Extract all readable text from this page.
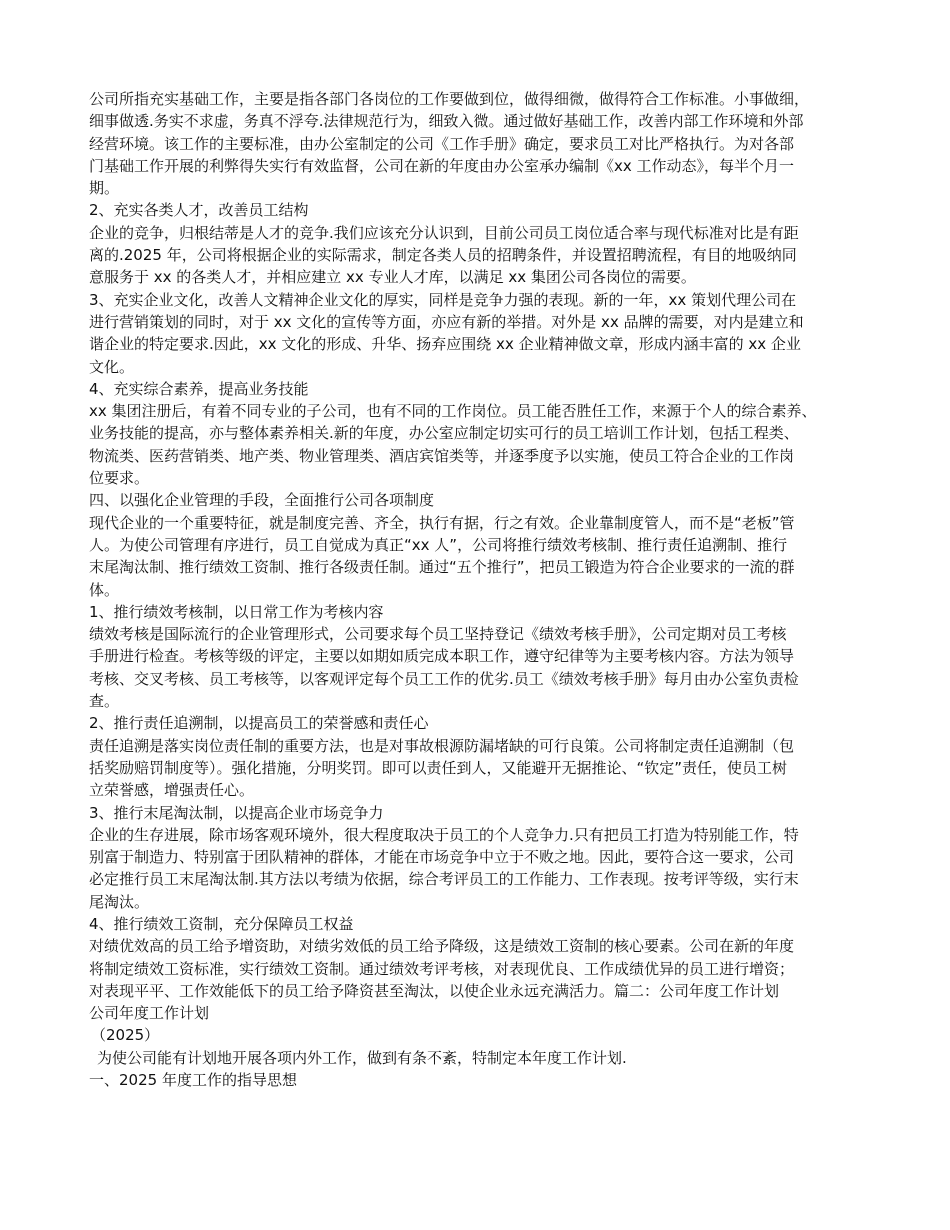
公司所指充实基础工作，主要是指各部门各岗位的工作要做到位，做得细微，做得符合工作标准。小事做细，
细事做透.务实不求虚，务真不浮夸.法律规范行为，细致入微。通过做好基础工作，改善内部工作环境和外部
经营环境。该工作的主要标准，由办公室制定的公司《工作手册》确定，要求员工对比严格执行。为对各部
门基础工作开展的利弊得失实行有效监督，公司在新的年度由办公室承办编制《xx 工作动态》，每半个月一
期。
2、充实各类人才，改善员工结构
企业的竞争，归根结蒂是人才的竞争.我们应该充分认识到，目前公司员工岗位适合率与现代标准对比是有距
离的.2025 年，公司将根据企业的实际需求，制定各类人员的招聘条件，并设置招聘流程，有目的地吸纳同
意服务于 xx 的各类人才，并相应建立 xx 专业人才库，以满足 xx 集团公司各岗位的需要。
3、充实企业文化，改善人文精神企业文化的厚实，同样是竞争力强的表现。新的一年，xx 策划代理公司在
进行营销策划的同时，对于 xx 文化的宣传等方面，亦应有新的举措。对外是 xx 品牌的需要，对内是建立和
谐企业的特定要求.因此，xx 文化的形成、升华、扬弃应围绕 xx 企业精神做文章，形成内涵丰富的 xx 企业
文化。
4、充实综合素养，提高业务技能
xx 集团注册后，有着不同专业的子公司，也有不同的工作岗位。员工能否胜任工作，来源于个人的综合素养、
业务技能的提高，亦与整体素养相关.新的年度，办公室应制定切实可行的员工培训工作计划，包括工程类、
物流类、医药营销类、地产类、物业管理类、酒店宾馆类等，并逐季度予以实施，使员工符合企业的工作岗
位要求。
四、以强化企业管理的手段，全面推行公司各项制度
现代企业的一个重要特征，就是制度完善、齐全，执行有据，行之有效。企业靠制度管人，而不是“老板”管
人。为使公司管理有序进行，员工自觉成为真正“xx 人”，公司将推行绩效考核制、推行责任追溯制、推行
末尾淘汰制、推行绩效工资制、推行各级责任制。通过“五个推行”，把员工锻造为符合企业要求的一流的群
体。
1、推行绩效考核制，以日常工作为考核内容
绩效考核是国际流行的企业管理形式，公司要求每个员工坚持登记《绩效考核手册》，公司定期对员工考核
手册进行检查。考核等级的评定，主要以如期如质完成本职工作，遵守纪律等为主要考核内容。方法为领导
考核、交叉考核、员工考核等，以客观评定每个员工工作的优劣.员工《绩效考核手册》每月由办公室负责检
查。
2、推行责任追溯制，以提高员工的荣誉感和责任心
责任追溯是落实岗位责任制的重要方法，也是对事故根源防漏堵缺的可行良策。公司将制定责任追溯制（包
括奖励赔罚制度等）。强化措施，分明奖罚。即可以责任到人，又能避开无据推论、“钦定”责任，使员工树
立荣誉感，增强责任心。
3、推行末尾淘汰制，以提高企业市场竞争力
企业的生存进展，除市场客观环境外，很大程度取决于员工的个人竞争力.只有把员工打造为特别能工作，特
别富于制造力、特别富于团队精神的群体，才能在市场竞争中立于不败之地。因此，要符合这一要求，公司
必定推行员工末尾淘汰制.其方法以考绩为依据，综合考评员工的工作能力、工作表现。按考评等级，实行末
尾淘汰。
4、推行绩效工资制，充分保障员工权益
对绩优效高的员工给予增资助，对绩劣效低的员工给予降级，这是绩效工资制的核心要素。公司在新的年度
将制定绩效工资标准，实行绩效工资制。通过绩效考评考核，对表现优良、工作成绩优异的员工进行增资；
对表现平平、工作效能低下的员工给予降资甚至淘汰，以使企业永远充满活力。篇二：公司年度工作计划
公司年度工作计划
（2025）
为使公司能有计划地开展各项内外工作，做到有条不紊，特制定本年度工作计划.
一、2025 年度工作的指导思想
